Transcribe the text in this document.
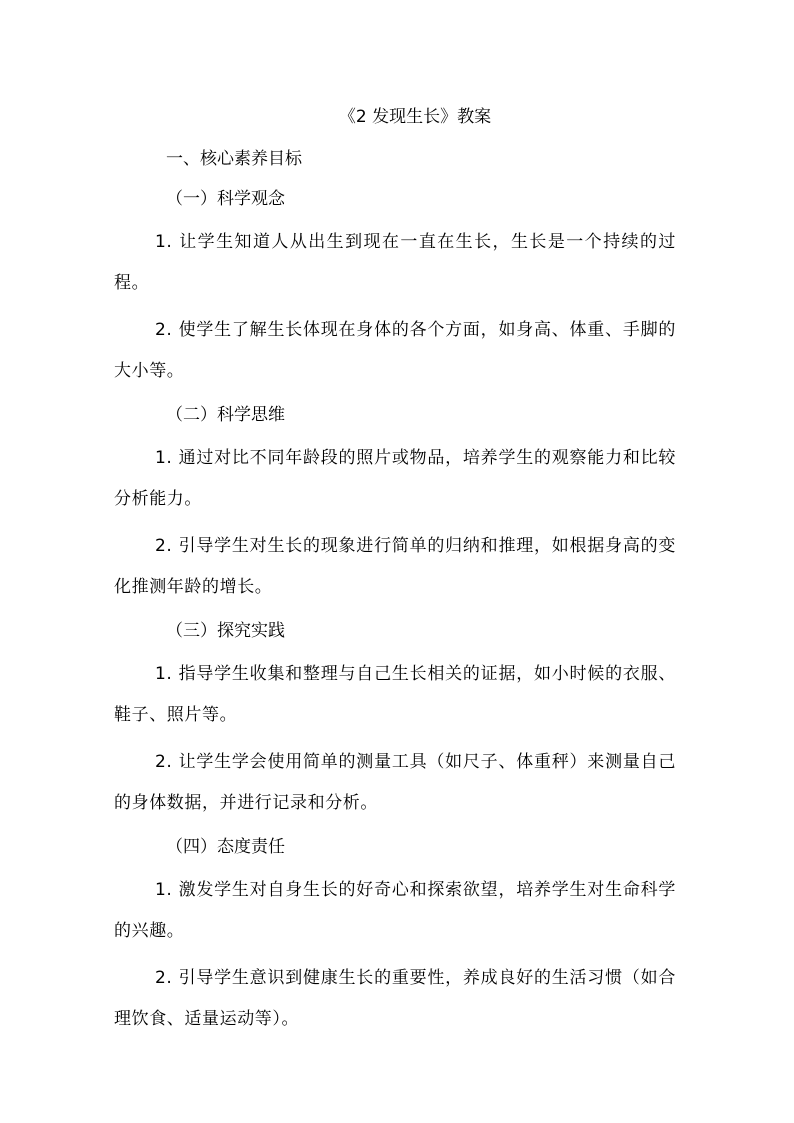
《2 发现生长》教案
一、核心素养目标
（一）科学观念
1. 让学生知道人从出生到现在一直在生长，生长是一个持续的过程。
2. 使学生了解生长体现在身体的各个方面，如身高、体重、手脚的大小等。
（二）科学思维
1. 通过对比不同年龄段的照片或物品，培养学生的观察能力和比较分析能力。
2. 引导学生对生长的现象进行简单的归纳和推理，如根据身高的变化推测年龄的增长。
（三）探究实践
1. 指导学生收集和整理与自己生长相关的证据，如小时候的衣服、鞋子、照片等。
2. 让学生学会使用简单的测量工具（如尺子、体重秤）来测量自己的身体数据，并进行记录和分析。
（四）态度责任
1. 激发学生对自身生长的好奇心和探索欲望，培养学生对生命科学的兴趣。
2. 引导学生意识到健康生长的重要性，养成良好的生活习惯（如合理饮食、适量运动等）。
